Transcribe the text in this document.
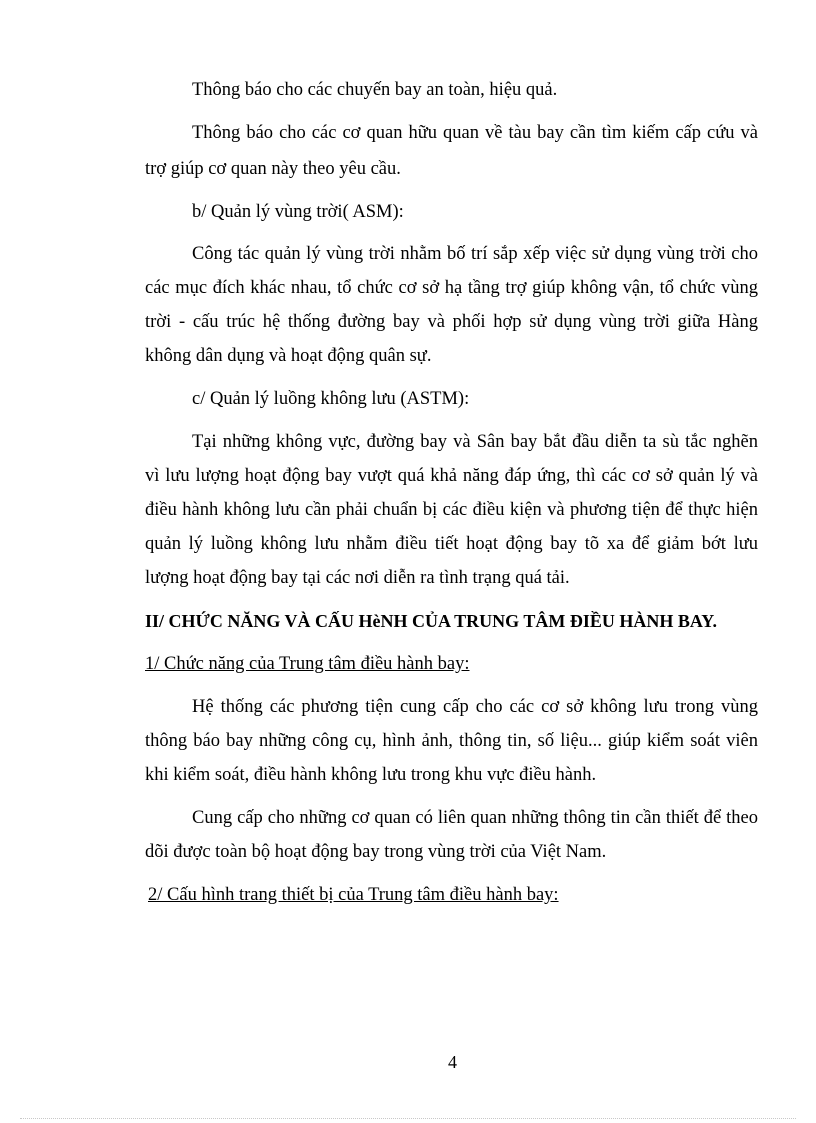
Thông báo cho các chuyến bay an toàn, hiệu quả.
Thông báo cho các cơ quan hữu quan về tàu bay cần tìm kiếm cấp cứu và
trợ giúp cơ quan này theo yêu cầu.
b/ Quản lý vùng trời( ASM):
Công tác quản lý vùng trời nhằm bố trí sắp xếp việc sử dụng vùng trời cho
các mục đích khác nhau, tổ chức cơ sở hạ tầng trợ giúp không vận, tổ chức vùng
trời - cấu trúc hệ thống đường bay và phối hợp sử dụng vùng trời giữa Hàng
không dân dụng và hoạt động quân sự.
c/ Quản lý luồng không lưu (ASTM):
Tại những không vực, đường bay và Sân bay bắt đầu diễn ta sù tắc nghẽn
vì lưu lượng hoạt động bay vượt quá khả năng đáp ứng, thì các cơ sở quản lý và
điều hành không lưu cần phải chuẩn bị các điều kiện và phương tiện để thực hiện
quản lý luồng không lưu nhằm điều tiết hoạt động bay tõ xa để giảm bớt lưu
lượng hoạt động bay tại các nơi diễn ra tình trạng quá tải.
II/ CHỨC NĂNG VÀ CẤU HèNH CỦA TRUNG TÂM ĐIỀU HÀNH BAY.
1/ Chức năng của Trung tâm điều hành bay:
Hệ thống các phương tiện cung cấp cho các cơ sở không lưu trong vùng
thông báo bay những công cụ, hình ảnh, thông tin, số liệu... giúp kiểm soát viên
khi kiểm soát, điều hành không lưu trong khu vực điều hành.
Cung cấp cho những cơ quan có liên quan những thông tin cần thiết để theo
dõi được toàn bộ hoạt động bay trong vùng trời của Việt Nam.
2/ Cấu hình trang thiết bị của Trung tâm điều hành bay:
4
